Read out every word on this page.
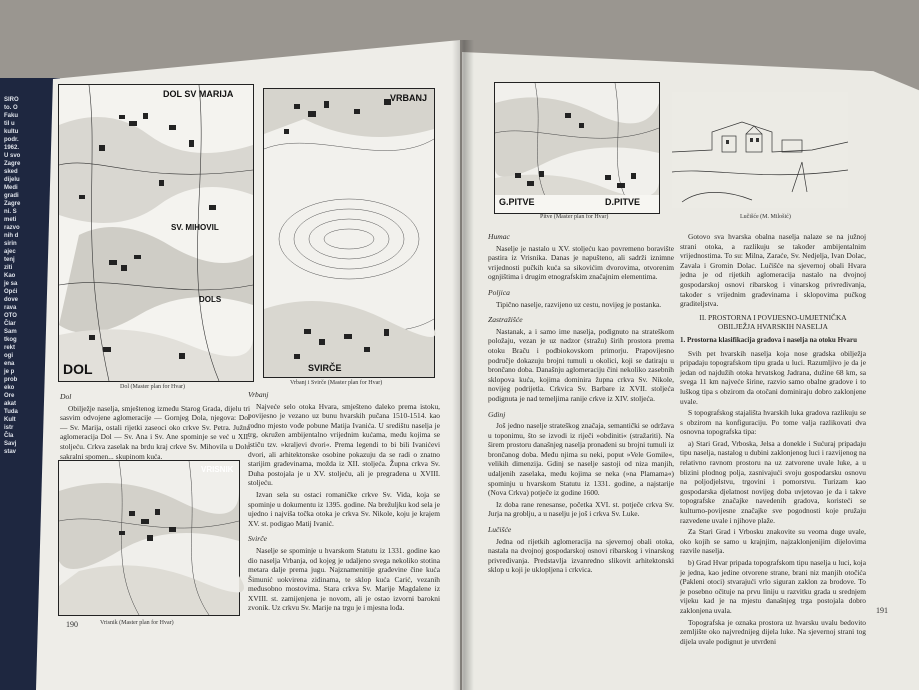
SIRO
to. O
Faku
til u
kultu
podr.
1962.
U svo
Zagre
sked
dijelu
Medi
gradi
Zagre
ni. S
meti
razvo
nih d
sirin
ajec
tenj
ziti
Kao
je sa
Opći
dove
rava
OTO
Člar
Sam
tkog
rekt
ogi
ena
je p
prob
eko
Ore
akat
Tuda
Kult
istr
Čla
Savj
stav
DOL SV MARIJA
SV. MIHOVIL
DOLS
DOL
Dol (Master plan for Hvar)
VRBANJ
SVIRČE
Vrbanj i Svirče (Master plan for Hvar)
VRISNIK
Vrisnik (Master plan for Hvar)
Dol

Obilježje naselja, smještenog između Starog Grada, dijelu tri sasvim odvojene aglomeracije — Gornjeg Dola, njegova: Dol — Sv. Marija, ostali rijetki zaseoci oko crkve Sv. Petra. Južna aglomeracija Dol — Sv. Ana i Sv. Ane spominje se već u XII. stoljeću. Crkva zaselak na brdu kraj crkve Sv. Mihovila u Dolu sakralni spomen... skupinom kuća.

Vrbanj

Najveće selo otoka Hvara, smješteno daleko prema istoku, povijesno je vezano uz bunu hvarskih pučana 1510-1514. kao rodno mjesto vođe pobune Matija Ivanića. U središtu naselja je trg, okružen ambijentalno vrijednim kućama, među kojima se ističu tzv. »kraljevi dvori«. Prema legendi to bi bili Ivanićevi dvori, ali arhitektonske osobine pokazuju da se radi o znatno starijim građevinama, možda iz XII. stoljeća. Župna crkva Sv. Duha postojala je u XV. stoljeću, ali je pregrađena u XVIII. stoljeću.

Izvan sela su ostaci romaničke crkve Sv. Vida, koja se spominje u dokumentu iz 1395. godine. Na brežuljku kod sela je ujedno i najviša točka otoka je crkva Sv. Nikole, koju je krajem XV. st. podigao Matij Ivanić.

Svirče

Naselje se spominje u hvarskom Statutu iz 1331. godine kao dio naselja Vrbanja, od kojeg je udaljeno svega nekoliko stotina metara dalje prema jugu. Najznamenitije građevine čine kuća Šimunić uokvirena zidinama, te sklop kuća Carić, vezanih međusobno mostovima. Stara crkva Sv. Marije Magdalene iz XVIII. st. zamijenjena je novom, ali je ostao izvorni barokni zvonik. Uz crkvu Sv. Marije na trgu je i mjesna lođa.

190
G.PITVE	D.PITVE
Pitve (Master plan for Hvar)	Lučišće (M. Milošić)
Humac

Naselje je nastalo u XV. stoljeću kao povremeno boravište pastira iz Vrisnika. Danas je napušteno, ali sadrži iznimne vrijednosti pučkih kuća sa sikovićim dvorovima, otvorenim ognjištima i drugim etnografskim značajnim elementima.

Poljica

Tipično naselje, razvijeno uz cestu, novijeg je postanka.

Zastražišće

Nastanak, a i samo ime naselja, podignuto na strateškom položaju, vezan je uz nadzor (stražu) širih prostora prema otoku Braču i podbiokovskom primorju. Prapovijesno područje dokazuju brojni tumuli u okolici, koji se datiraju u brončano doba. Današnju aglomeraciju čini nekoliko zasebnih sklopova kuća, kojima dominira župna crkva Sv. Nikole, novijeg podrijetla. Crkvica Sv. Barbare iz XVII. stoljeća podignuta je nad temeljima ranije crkve iz XIV. stoljeća.

Gdinj

Još jedno naselje strateškog značaja, semantički se održava u toponimu, što se izvodi iz riječi »obdiniti« (stražariti). Na širem prostoru današnjeg naselja pronađeni su brojni tumuli iz brončanog doba. Među njima su neki, poput »Vele Gomile«, velikih dimenzija. Gdinj se naselje sastoji od niza manjih, udaljenih zaselaka, među kojima se neka (»na Plamama«) spominju u hvarskom Statutu iz 1331. godine, a najstarije (Nova Crkva) potječe iz godine 1600.

Iz doba rane renesanse, početka XVI. st. potječe crkva Sv. Jurja na groblju, a u naselju je još i crkva Sv. Luke.

Lučišće

Jedna od rijetkih aglomeracija na sjevernoj obali otoka, nastala na dvojnoj gospodarskoj osnovi ribarskog i vinarskog privređivanja. Predstavlja izvanredno slikovit arhitektonski sklop u koji je ukloplјena i crkvica.

Gotovo sva hvarska obalna naselja nalaze se na južnoj strani otoka, a razlikuju se također ambijentalnim vrijednostima. To su: Milna, Zaraće, Sv. Nedjelja, Ivan Dolac, Zavala i Gromin Dolac. Lučišće na sjevernoj obali Hvara jedna je od rijetkih aglomeracija nastalo na dvojnoj gospodarskoj osnovi ribarskog i vinarskog privređivanja, također s vrijednim građevinama i sklopovima pučkog graditeljstva.

II. PROSTORNA I POVIJESNO-UMJETNIČKA OBILJEŽJA HVARSKIH NASELJA
1. Prostorna klasifikacija gradova i naselja na otoku Hvaru

Svih pet hvarskih naselja koja nose gradska obilježja pripadaju topografskom tipu grada u luci. Razumljivo je da je jedan od najdužih otoka hrvatskog Jadrana, dužine 68 km, sa svega 11 km najveće širine, razvio samo obalne gradove i to luškog tipa s obzirom da otočani dominiraju dobro zaklonjene uvale.

S topografskog stajališta hvarskih luka gradova razlikuju se s obzirom na konfiguraciju. Po tome valja razlikovati dva osnovna topografska tipa:

a) Stari Grad, Vrboska, Jelsa a donekle i Sućuraj pripadaju tipu naselja, nastalog u dubini zaklonjenog luci i razvijenog na relativno ravnom prostoru na uz zatvorene uvale luke, a u blizini plodnog polja, zasnivajući svoju gospodarsku osnovu na poljodjelstvu, trgovini i pomorstvu. Turizam kao gospodarska djelatnost novijeg doba uvjetovao je da i takve topografske značajke navedenih gradova, koristeći se kulturno-povijesne značajke sve pogodnosti koje pružaju razvedene uvale i njihove plaže.

Za Stari Grad i Vrbosku znakovite su veoma duge uvale, oko kojih se samo u krajnjim, najzaklonjenijim dijelovima razvile naselja.

b) Grad Hvar pripada topografskom tipu naselja u luci, koja je jedna, kao jedine otvorene strane, brani niz manjih otočića (Pakleni otoci) stvarajući vrlo siguran zaklon za brodove. To je posebno očituje na prvu liniju u razvitku grada u srednjem vijeku kad je na mjestu današnjeg trga postojala dobro zaklonjena uvala.

Topografska je oznaka prostora uz hvarsku uvalu bedovito zemljište oko najvrednijeg dijela luke. Na sjevernoj strani tog dijela uvale podignut je utvrđeni

191
